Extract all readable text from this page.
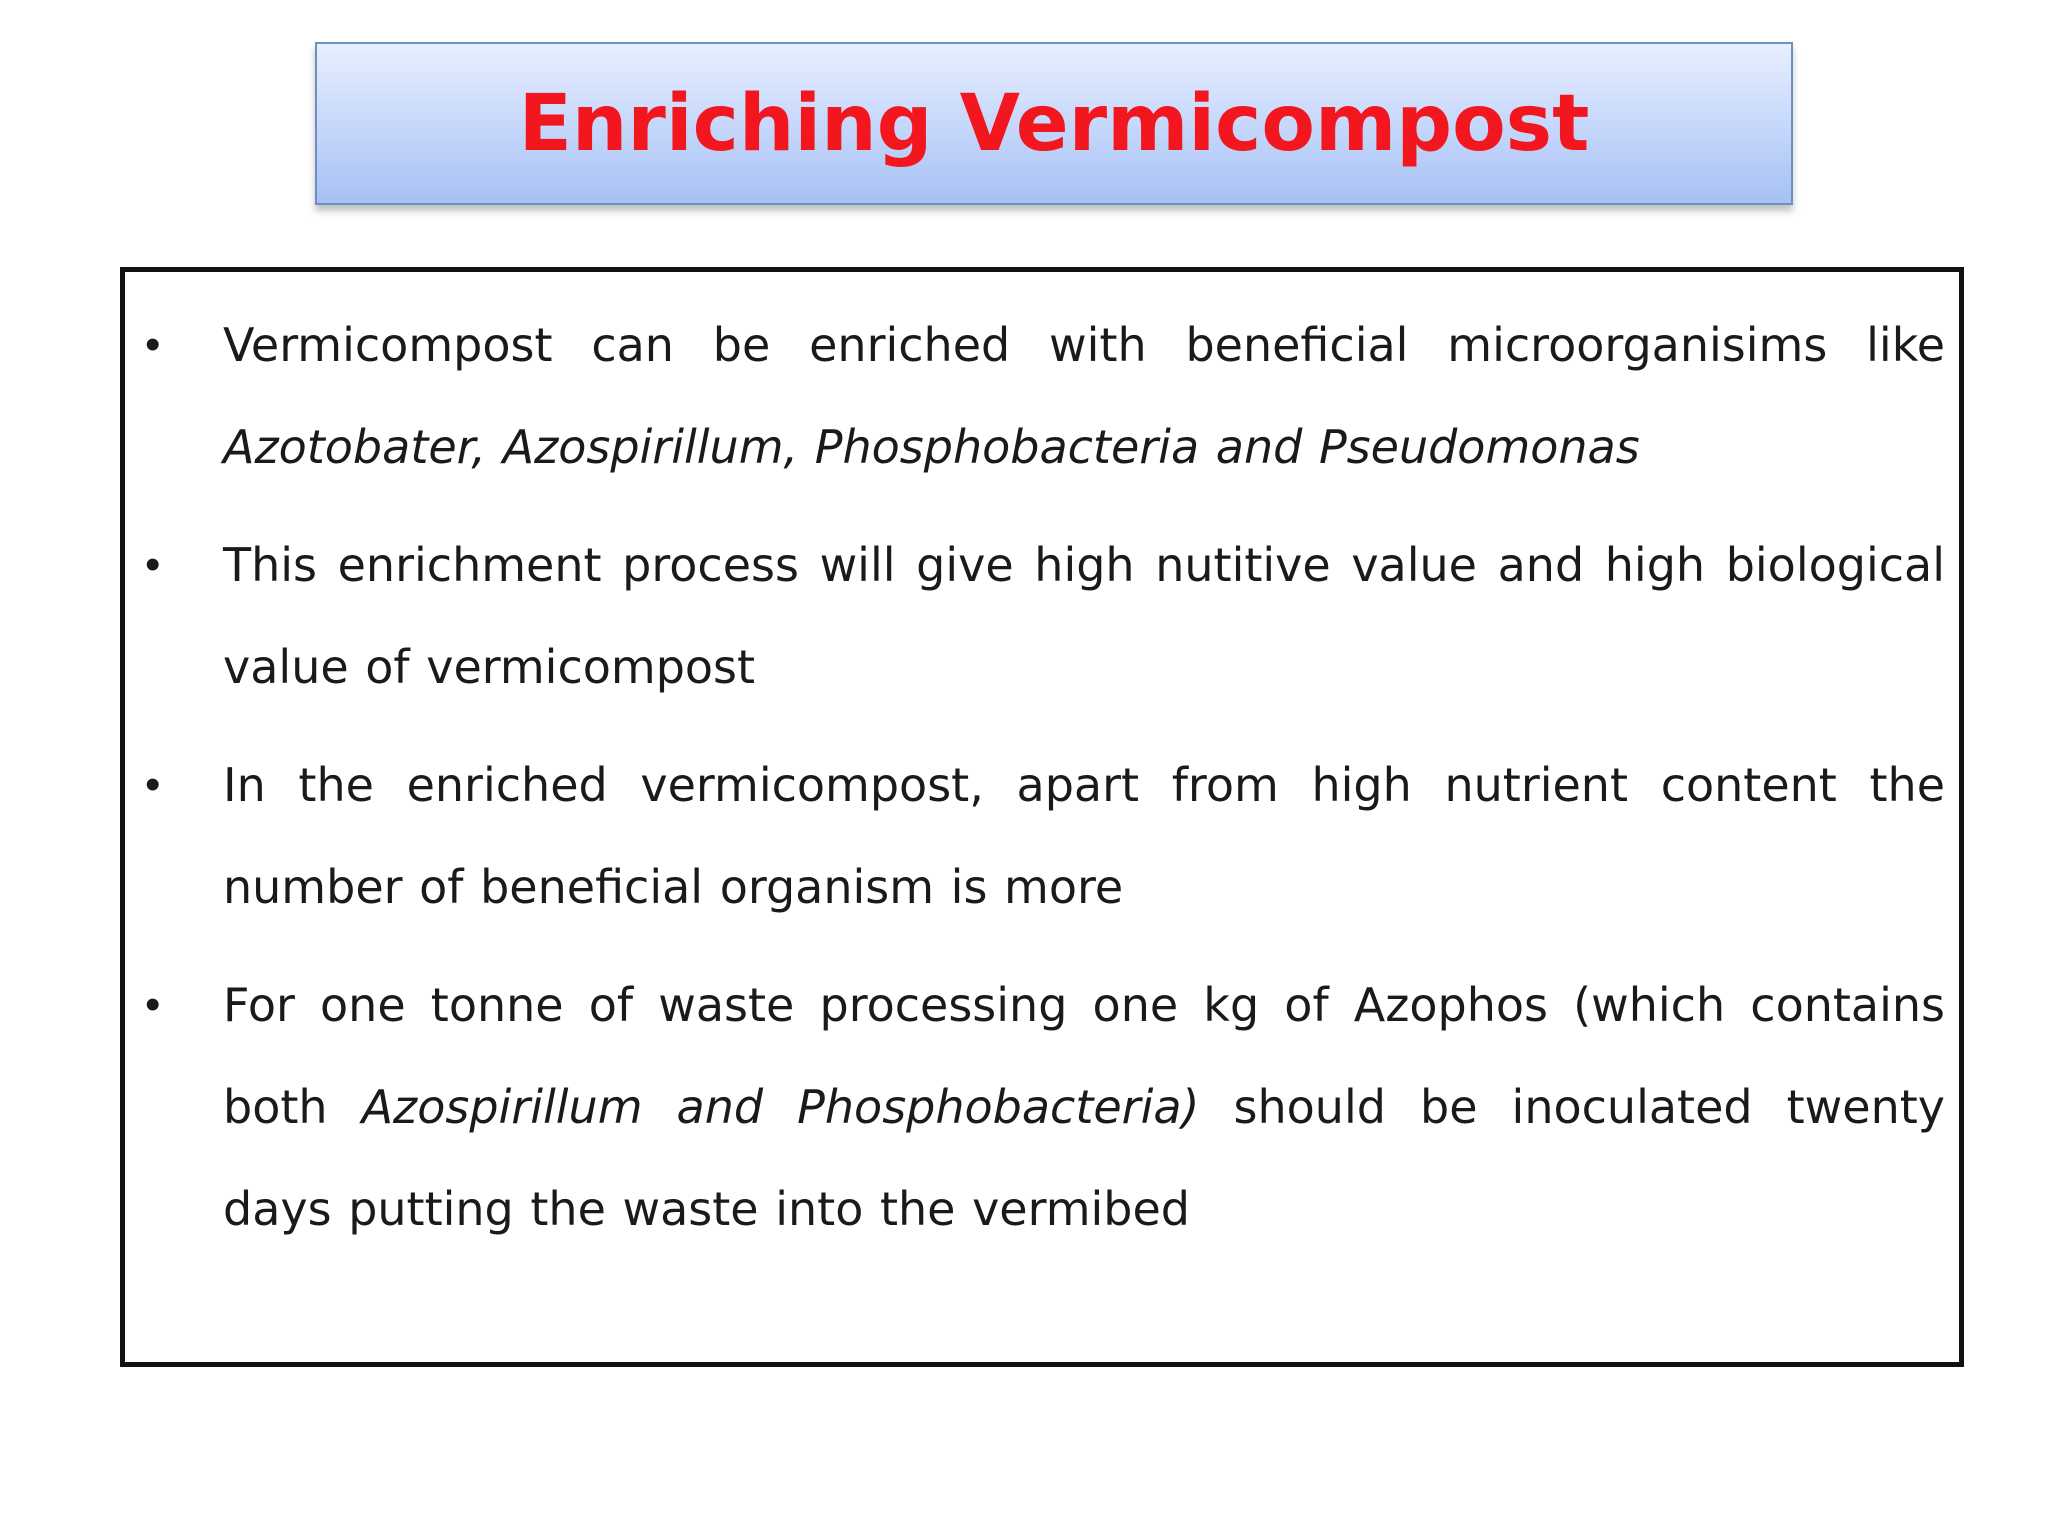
Enriching Vermicompost
• Vermicompost can be enriched with beneficial microorganisims like Azotobater, Azospirillum, Phosphobacteria and Pseudomonas
• This enrichment process will give high nutitive value and high biological value of vermicompost
• In the enriched vermicompost, apart from high nutrient content the number of beneficial organism is more
• For one tonne of waste processing one kg of Azophos (which contains both Azospirillum and Phosphobacteria) should be inoculated twenty days putting the waste into the vermibed
